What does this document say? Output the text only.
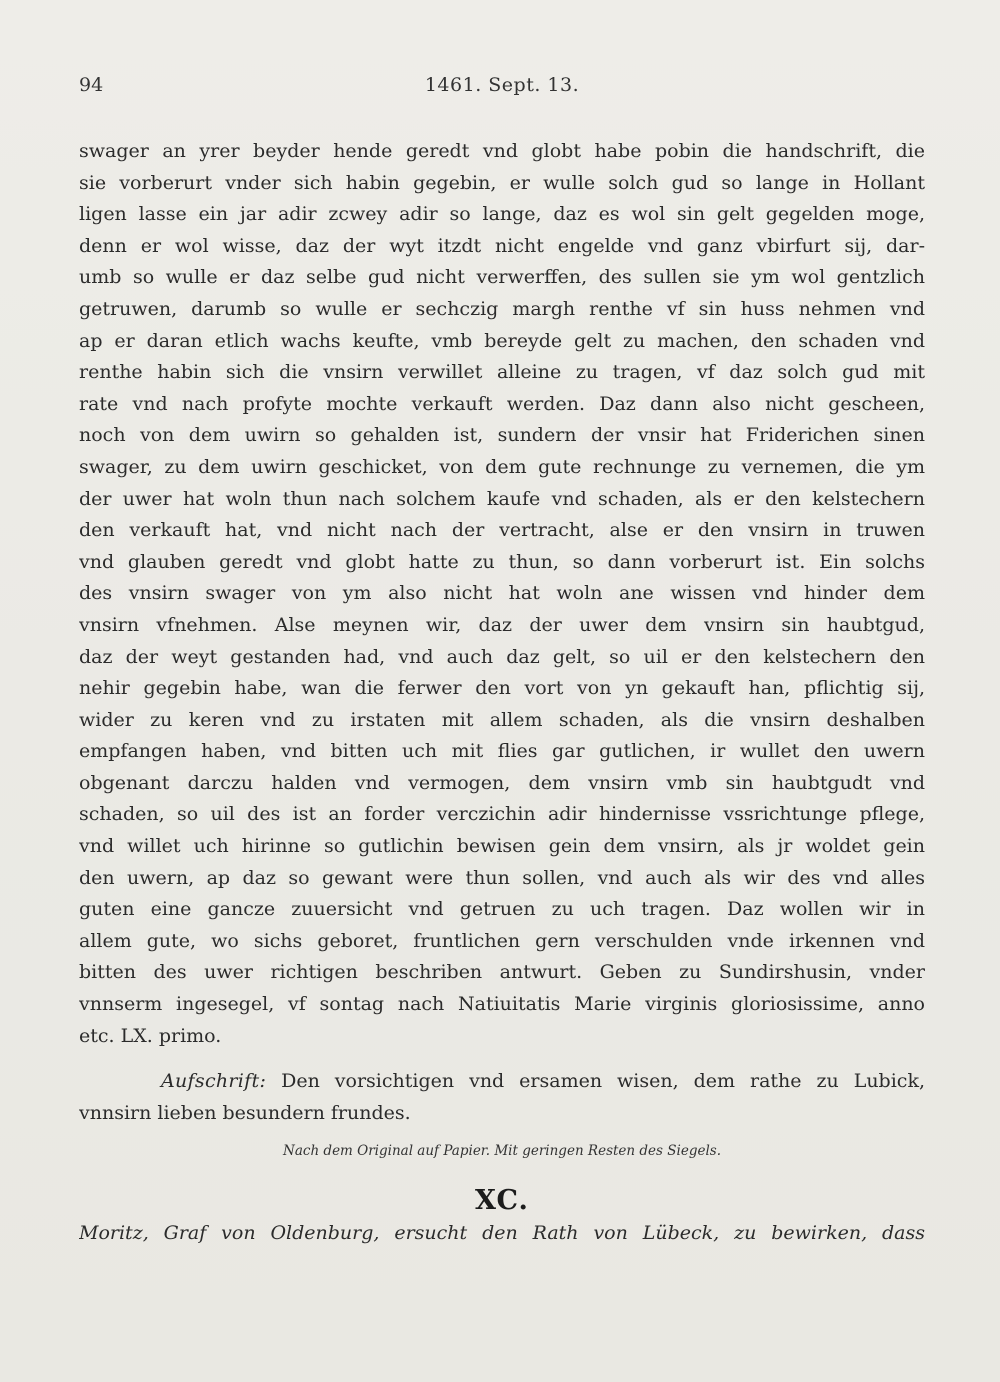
94	1461. Sept. 13.
swager an yrer beyder hende geredt vnd globt habe pobin die handschrift, die
sie vorberurt vnder sich habin gegebin, er wulle solch gud so lange in Hollant
ligen lasse ein jar adir zcwey adir so lange, daz es wol sin gelt gegelden moge,
denn er wol wisse, daz der wyt itzdt nicht engelde vnd ganz vbirfurt sij, dar-
umb so wulle er daz selbe gud nicht verwerffen, des sullen sie ym wol gentzlich
getruwen, darumb so wulle er sechczig margh renthe vf sin huss nehmen vnd
ap er daran etlich wachs keufte, vmb bereyde gelt zu machen, den schaden vnd
renthe habin sich die vnsirn verwillet alleine zu tragen, vf daz solch gud mit
rate vnd nach profyte mochte verkauft werden. Daz dann also nicht gescheen,
noch von dem uwirn so gehalden ist, sundern der vnsir hat Friderichen sinen
swager, zu dem uwirn geschicket, von dem gute rechnunge zu vernemen, die ym
der uwer hat woln thun nach solchem kaufe vnd schaden, als er den kelstechern
den verkauft hat, vnd nicht nach der vertracht, alse er den vnsirn in truwen
vnd glauben geredt vnd globt hatte zu thun, so dann vorberurt ist. Ein solchs
des vnsirn swager von ym also nicht hat woln ane wissen vnd hinder dem
vnsirn vfnehmen. Alse meynen wir, daz der uwer dem vnsirn sin haubtgud,
daz der weyt gestanden had, vnd auch daz gelt, so uil er den kelstechern den
nehir gegebin habe, wan die ferwer den vort von yn gekauft han, pflichtig sij,
wider zu keren vnd zu irstaten mit allem schaden, als die vnsirn deshalben
empfangen haben, vnd bitten uch mit flies gar gutlichen, ir wullet den uwern
obgenant darczu halden vnd vermogen, dem vnsirn vmb sin haubtgudt vnd
schaden, so uil des ist an forder verczichin adir hindernisse vssrichtunge pflege,
vnd willet uch hirinne so gutlichin bewisen gein dem vnsirn, als jr woldet gein
den uwern, ap daz so gewant were thun sollen, vnd auch als wir des vnd alles
guten eine gancze zuuersicht vnd getruen zu uch tragen. Daz wollen wir in
allem gute, wo sichs geboret, fruntlichen gern verschulden vnde irkennen vnd
bitten des uwer richtigen beschriben antwurt. Geben zu Sundirshusin, vnder
vnnserm ingesegel, vf sontag nach Natiuitatis Marie virginis gloriosissime, anno
etc. LX. primo.
Aufschrift: Den vorsichtigen vnd ersamen wisen, dem rathe zu Lubick,
vnnsirn lieben besundern frundes.
Nach dem Original auf Papier. Mit geringen Resten des Siegels.
XC.
Moritz, Graf von Oldenburg, ersucht den Rath von Lübeck, zu bewirken, dass
